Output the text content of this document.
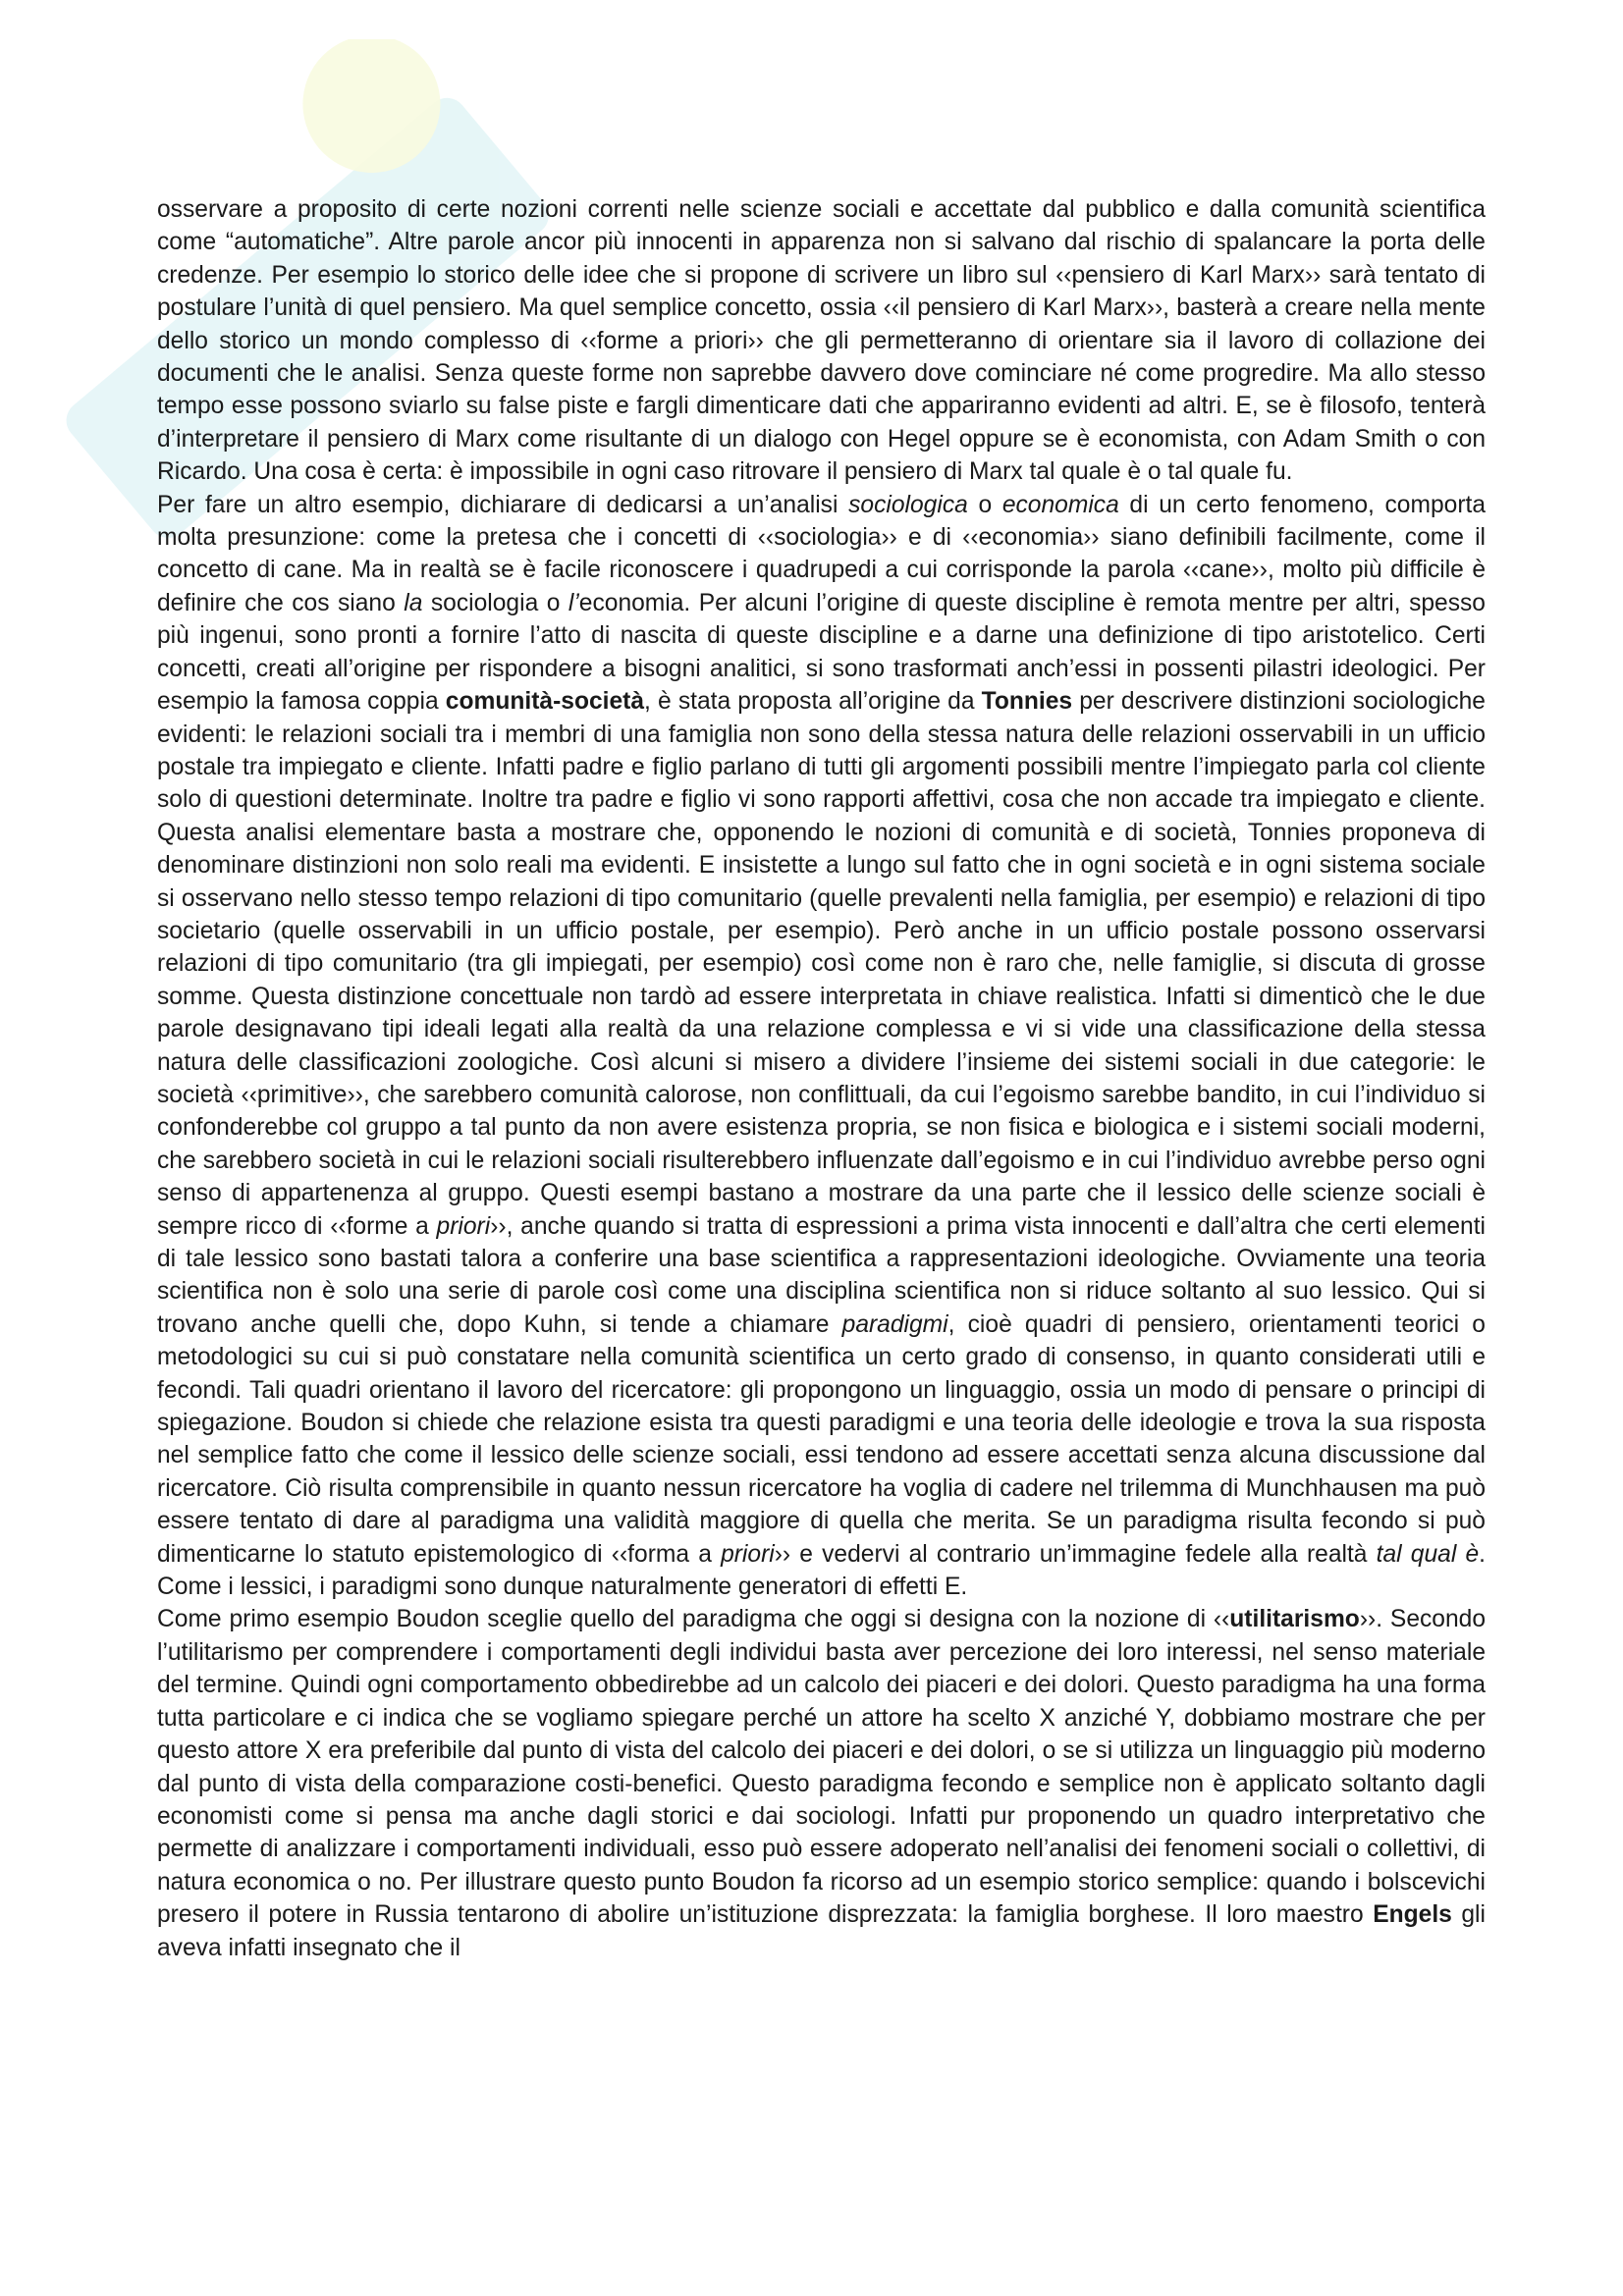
osservare a proposito di certe nozioni correnti nelle scienze sociali e accettate dal pubblico e dalla comunità scientifica come “automatiche”. Altre parole ancor più innocenti in apparenza non si salvano dal rischio di spalancare la porta delle credenze. Per esempio lo storico delle idee che si propone di scrivere un libro sul ‹‹pensiero di Karl Marx›› sarà tentato di postulare l’unità di quel pensiero. Ma quel semplice concetto, ossia ‹‹il pensiero di Karl Marx››, basterà a creare nella mente dello storico un mondo complesso di ‹‹forme a priori›› che gli permetteranno di orientare sia il lavoro di collazione dei documenti che le analisi. Senza queste forme non saprebbe davvero dove cominciare né come progredire. Ma allo stesso tempo esse possono sviarlo su false piste e fargli dimenticare dati che appariranno evidenti ad altri. E, se è filosofo, tenterà d’interpretare il pensiero di Marx come risultante di un dialogo con Hegel oppure se è economista, con Adam Smith o con Ricardo. Una cosa è certa: è impossibile in ogni caso ritrovare il pensiero di Marx tal quale è o tal quale fu.

Per fare un altro esempio, dichiarare di dedicarsi a un’analisi sociologica o economica di un certo fenomeno, comporta molta presunzione: come la pretesa che i concetti di ‹‹sociologia›› e di ‹‹economia›› siano definibili facilmente, come il concetto di cane. Ma in realtà se è facile riconoscere i quadrupedi a cui corrisponde la parola ‹‹cane››, molto più difficile è definire che cos siano la sociologia o l’economia. Per alcuni l’origine di queste discipline è remota mentre per altri, spesso più ingenui, sono pronti a fornire l’atto di nascita di queste discipline e a darne una definizione di tipo aristotelico. Certi concetti, creati all’origine per rispondere a bisogni analitici, si sono trasformati anch’essi in possenti pilastri ideologici. Per esempio la famosa coppia comunità-società, è stata proposta all’origine da Tonnies per descrivere distinzioni sociologiche evidenti: le relazioni sociali tra i membri di una famiglia non sono della stessa natura delle relazioni osservabili in un ufficio postale tra impiegato e cliente. Infatti padre e figlio parlano di tutti gli argomenti possibili mentre l’impiegato parla col cliente solo di questioni determinate. Inoltre tra padre e figlio vi sono rapporti affettivi, cosa che non accade tra impiegato e cliente. Questa analisi elementare basta a mostrare che, opponendo le nozioni di comunità e di società, Tonnies proponeva di denominare distinzioni non solo reali ma evidenti. E insistette a lungo sul fatto che in ogni società e in ogni sistema sociale si osservano nello stesso tempo relazioni di tipo comunitario (quelle prevalenti nella famiglia, per esempio) e relazioni di tipo societario (quelle osservabili in un ufficio postale, per esempio). Però anche in un ufficio postale possono osservarsi relazioni di tipo comunitario (tra gli impiegati, per esempio) così come non è raro che, nelle famiglie, si discuta di grosse somme. Questa distinzione concettuale non tardò ad essere interpretata in chiave realistica. Infatti si dimenticò che le due parole designavano tipi ideali legati alla realtà da una relazione complessa e vi si vide una classificazione della stessa natura delle classificazioni zoologiche. Così alcuni si misero a dividere l’insieme dei sistemi sociali in due categorie: le società ‹‹primitive››, che sarebbero comunità calorose, non conflittuali, da cui l’egoismo sarebbe bandito, in cui l’individuo si confonderebbe col gruppo a tal punto da non avere esistenza propria, se non fisica e biologica e i sistemi sociali moderni, che sarebbero società in cui le relazioni sociali risulterebbero influenzate dall’egoismo e in cui l’individuo avrebbe perso ogni senso di appartenenza al gruppo. Questi esempi bastano a mostrare da una parte che il lessico delle scienze sociali è sempre ricco di ‹‹forme a priori››, anche quando si tratta di espressioni a prima vista innocenti e dall’altra che certi elementi di tale lessico sono bastati talora a conferire una base scientifica a rappresentazioni ideologiche. Ovviamente una teoria scientifica non è solo una serie di parole così come una disciplina scientifica non si riduce soltanto al suo lessico. Qui si trovano anche quelli che, dopo Kuhn, si tende a chiamare paradigmi, cioè quadri di pensiero, orientamenti teorici o metodologici su cui si può constatare nella comunità scientifica un certo grado di consenso, in quanto considerati utili e fecondi. Tali quadri orientano il lavoro del ricercatore: gli propongono un linguaggio, ossia un modo di pensare o principi di spiegazione. Boudon si chiede che relazione esista tra questi paradigmi e una teoria delle ideologie e trova la sua risposta nel semplice fatto che come il lessico delle scienze sociali, essi tendono ad essere accettati senza alcuna discussione dal ricercatore. Ciò risulta comprensibile in quanto nessun ricercatore ha voglia di cadere nel trilemma di Munchhausen ma può essere tentato di dare al paradigma una validità maggiore di quella che merita. Se un paradigma risulta fecondo si può dimenticarne lo statuto epistemologico di ‹‹forma a priori›› e vedervi al contrario un’immagine fedele alla realtà tal qual è. Come i lessici, i paradigmi sono dunque naturalmente generatori di effetti E.

Come primo esempio Boudon sceglie quello del paradigma che oggi si designa con la nozione di ‹‹utilitarismo››. Secondo l’utilitarismo per comprendere i comportamenti degli individui basta aver percezione dei loro interessi, nel senso materiale del termine. Quindi ogni comportamento obbedirebbe ad un calcolo dei piaceri e dei dolori. Questo paradigma ha una forma tutta particolare e ci indica che se vogliamo spiegare perché un attore ha scelto X anziché Y, dobbiamo mostrare che per questo attore X era preferibile dal punto di vista del calcolo dei piaceri e dei dolori, o se si utilizza un linguaggio più moderno dal punto di vista della comparazione costi-benefici. Questo paradigma fecondo e semplice non è applicato soltanto dagli economisti come si pensa ma anche dagli storici e dai sociologi. Infatti pur proponendo un quadro interpretativo che permette di analizzare i comportamenti individuali, esso può essere adoperato nell’analisi dei fenomeni sociali o collettivi, di natura economica o no. Per illustrare questo punto Boudon fa ricorso ad un esempio storico semplice: quando i bolscevichi presero il potere in Russia tentarono di abolire un’istituzione disprezzata: la famiglia borghese. Il loro maestro Engels gli aveva infatti insegnato che il
